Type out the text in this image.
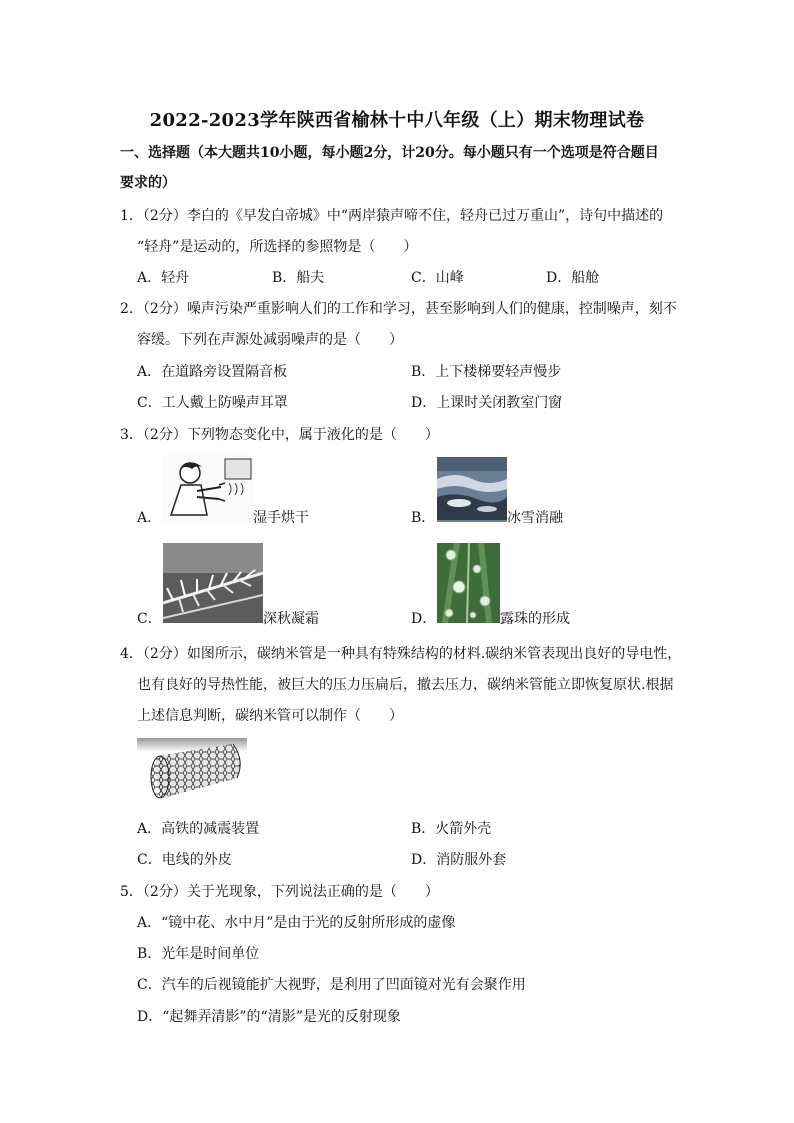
2022-2023学年陕西省榆林十中八年级（上）期末物理试卷
一、选择题（本大题共10小题，每小题2分，计20分。每小题只有一个选项是符合题目
要求的）
1．（2分）李白的《早发白帝城》中“两岸猿声啼不住，轻舟已过万重山”，诗句中描述的
“轻舟”是运动的，所选择的参照物是（　　）
A．轻舟	B．船夫	C．山峰	D．船舱
2．（2分）噪声污染严重影响人们的工作和学习，甚至影响到人们的健康，控制噪声，刻不
容缓。下列在声源处减弱噪声的是（　　）
A．在道路旁设置隔音板	B．上下楼梯要轻声慢步
C．工人戴上防噪声耳罩	D．上课时关闭教室门窗
3．（2分）下列物态变化中，属于液化的是（　　）
A．	湿手烘干	B．	冰雪消融
C．	深秋凝霜	D．	露珠的形成
4．（2分）如图所示，碳纳米管是一种具有特殊结构的材料.碳纳米管表现出良好的导电性，
也有良好的导热性能，被巨大的压力压扁后，撤去压力，碳纳米管能立即恢复原状.根据
上述信息判断，碳纳米管可以制作（　　）
A．高铁的减震装置	B．火箭外壳
C．电线的外皮	D．消防服外套
5．（2分）关于光现象，下列说法正确的是（　　）
A．“镜中花、水中月”是由于光的反射所形成的虚像
B．光年是时间单位
C．汽车的后视镜能扩大视野，是利用了凹面镜对光有会聚作用
D．“起舞弄清影”的“清影”是光的反射现象
